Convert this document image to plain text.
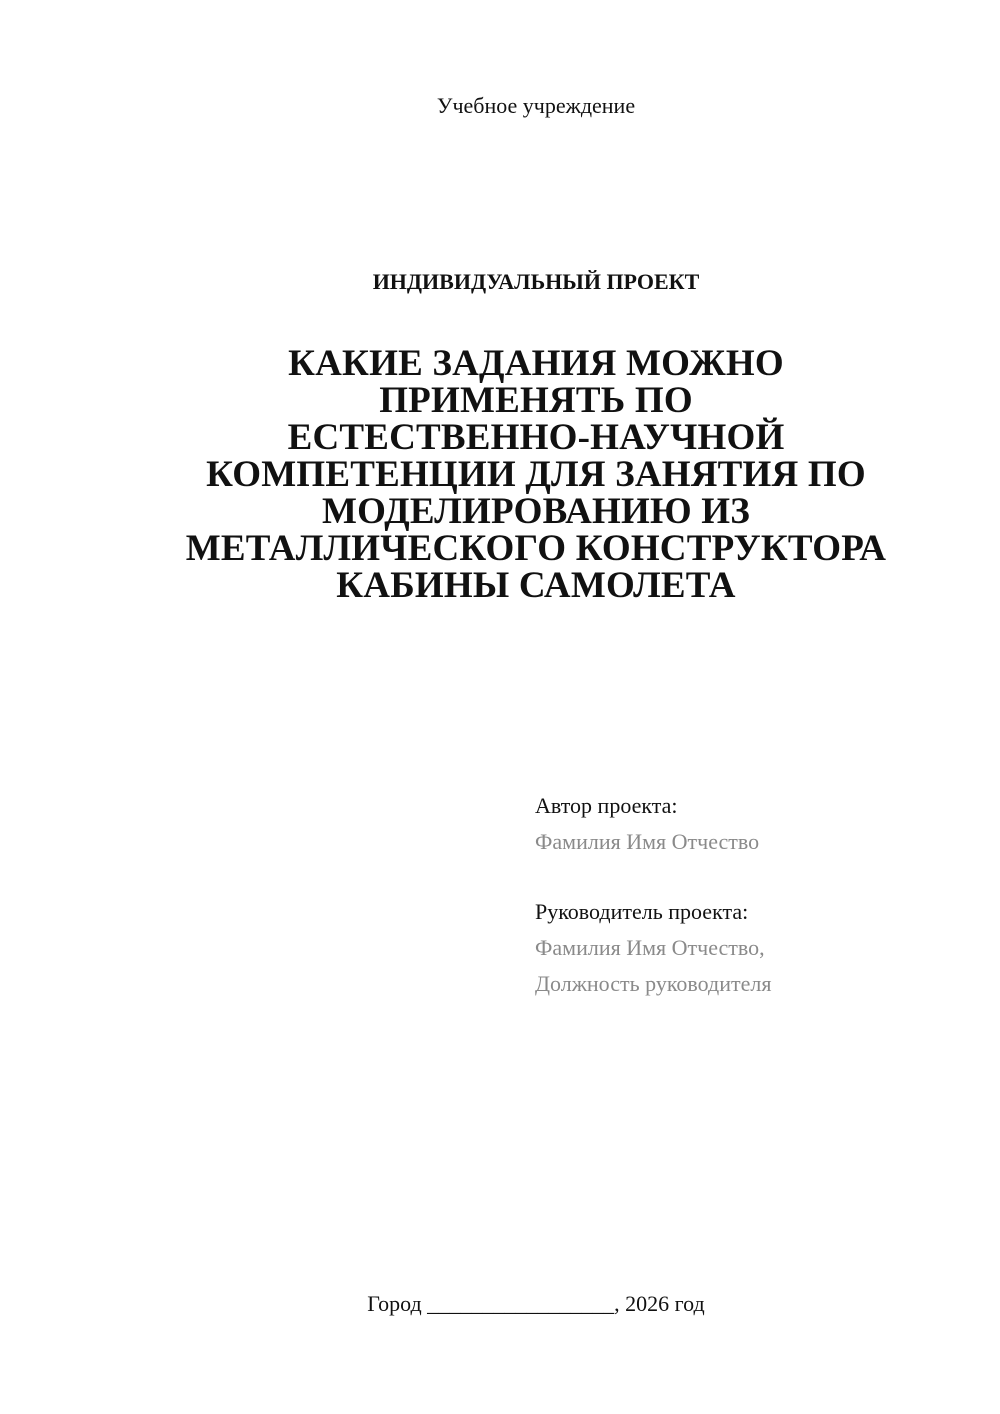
Учебное учреждение
ИНДИВИДУАЛЬНЫЙ ПРОЕКТ
КАКИЕ ЗАДАНИЯ МОЖНО
ПРИМЕНЯТЬ ПО
ЕСТЕСТВЕННО-НАУЧНОЙ
КОМПЕТЕНЦИИ ДЛЯ ЗАНЯТИЯ ПО
МОДЕЛИРОВАНИЮ ИЗ
МЕТАЛЛИЧЕСКОГО КОНСТРУКТОРА
КАБИНЫ САМОЛЕТА
Автор проекта:
Фамилия Имя Отчество
Руководитель проекта:
Фамилия Имя Отчество,
Должность руководителя
Город _________________, 2026 год
